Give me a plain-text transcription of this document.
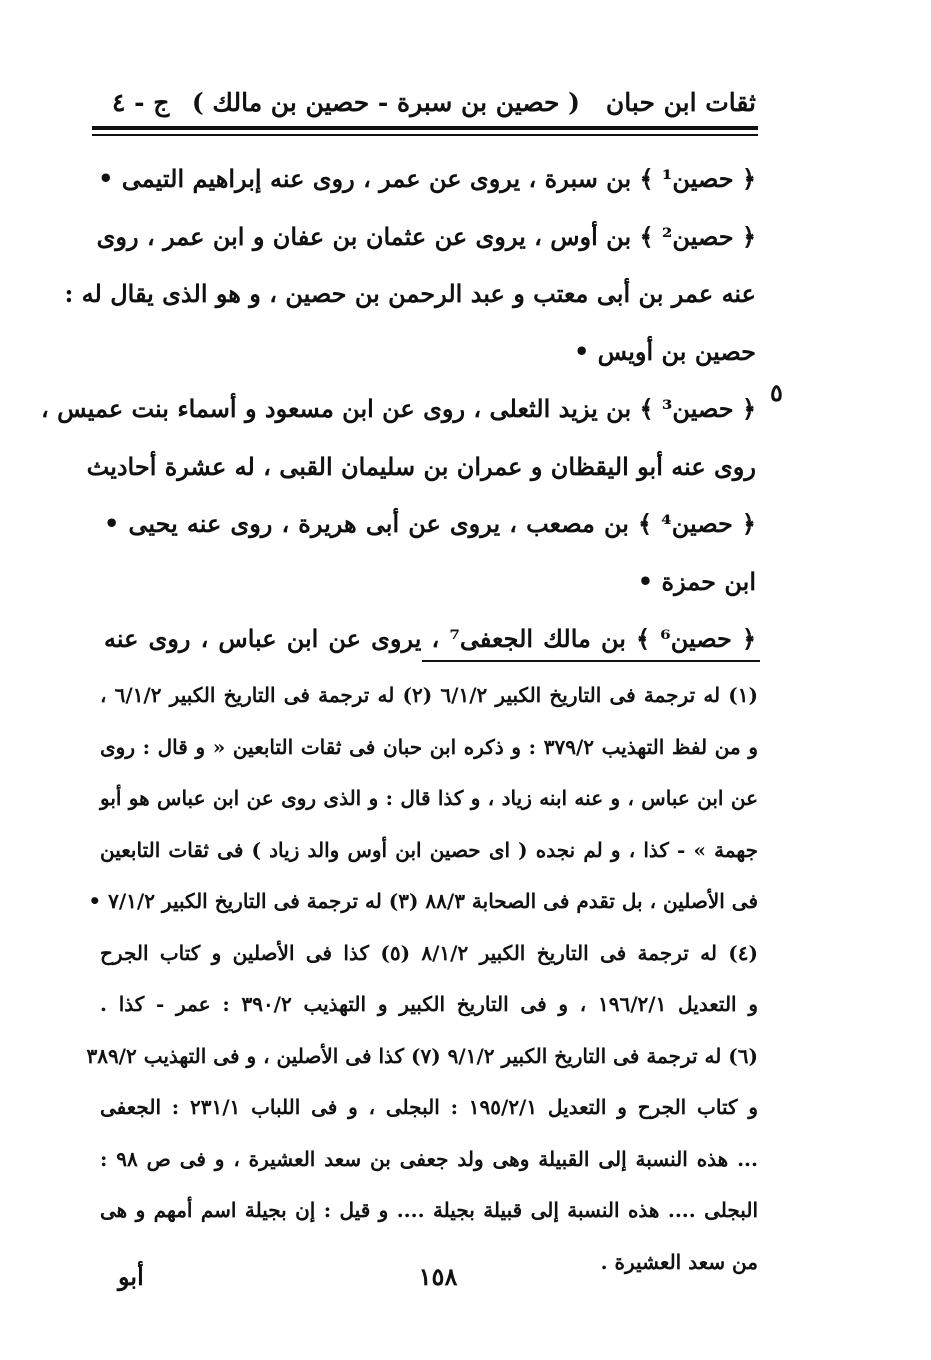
ثقات ابن حبان
( حصين بن سبرة - حصين بن مالك )
ج - ٤
﴿ حصين¹ ﴾ بن سبرة ، يروى عن عمر ، روى عنه إبراهيم التيمى •
﴿ حصين² ﴾ بن أوس ، يروى عن عثمان بن عفان و ابن عمر ، روى
عنه عمر بن أبى معتب و عبد الرحمن بن حصين ، و هو الذى يقال له :
حصين بن أويس •
﴿ حصين³ ﴾ بن يزيد الثعلى ، روى عن ابن مسعود و أسماء بنت عميس ،
روى عنه أبو اليقظان و عمران بن سليمان القبى ، له عشرة أحاديث
﴿ حصين⁴ ﴾ بن مصعب ، يروى عن أبى هريرة ، روى عنه يحيى •
ابن حمزة •
﴿ حصين⁶ ﴾ بن مالك الجعفى⁷ ، يروى عن ابن عباس ، روى عنه
٥
(١) له ترجمة فى التاريخ الكبير ٦/١/٢ (٢) له ترجمة فى التاريخ الكبير ٦/١/٢ ،
و من لفظ التهذيب ٣٧٩/٢ : و ذكره ابن حبان فى ثقات التابعين « و قال : روى
عن ابن عباس ، و عنه ابنه زياد ، و كذا قال : و الذى روى عن ابن عباس هو أبو
جهمة » - كذا ، و لم نجده ( اى حصين ابن أوس والد زياد ) فى ثقات التابعين
فى الأصلين ، بل تقدم فى الصحابة ٨٨/٣ (٣) له ترجمة فى التاريخ الكبير ٧/١/٢ •
(٤) له ترجمة فى التاريخ الكبير ٨/١/٢ (٥) كذا فى الأصلين و كتاب الجرح
و التعديل ١٩٦/٢/١ ، و فى التاريخ الكبير و التهذيب ٣٩٠/٢ : عمر - كذا .
(٦) له ترجمة فى التاريخ الكبير ٩/١/٢ (٧) كذا فى الأصلين ، و فى التهذيب ٣٨٩/٢
و كتاب الجرح و التعديل ١٩٥/٢/١ : البجلى ، و فى اللباب ٢٣١/١ : الجعفى
... هذه النسبة إلى القبيلة وهى ولد جعفى بن سعد العشيرة ، و فى ص ٩٨ :
البجلى .... هذه النسبة إلى قبيلة بجيلة .... و قيل : إن بجيلة اسم أمهم و هى
من سعد العشيرة .
١٥٨
أبو
